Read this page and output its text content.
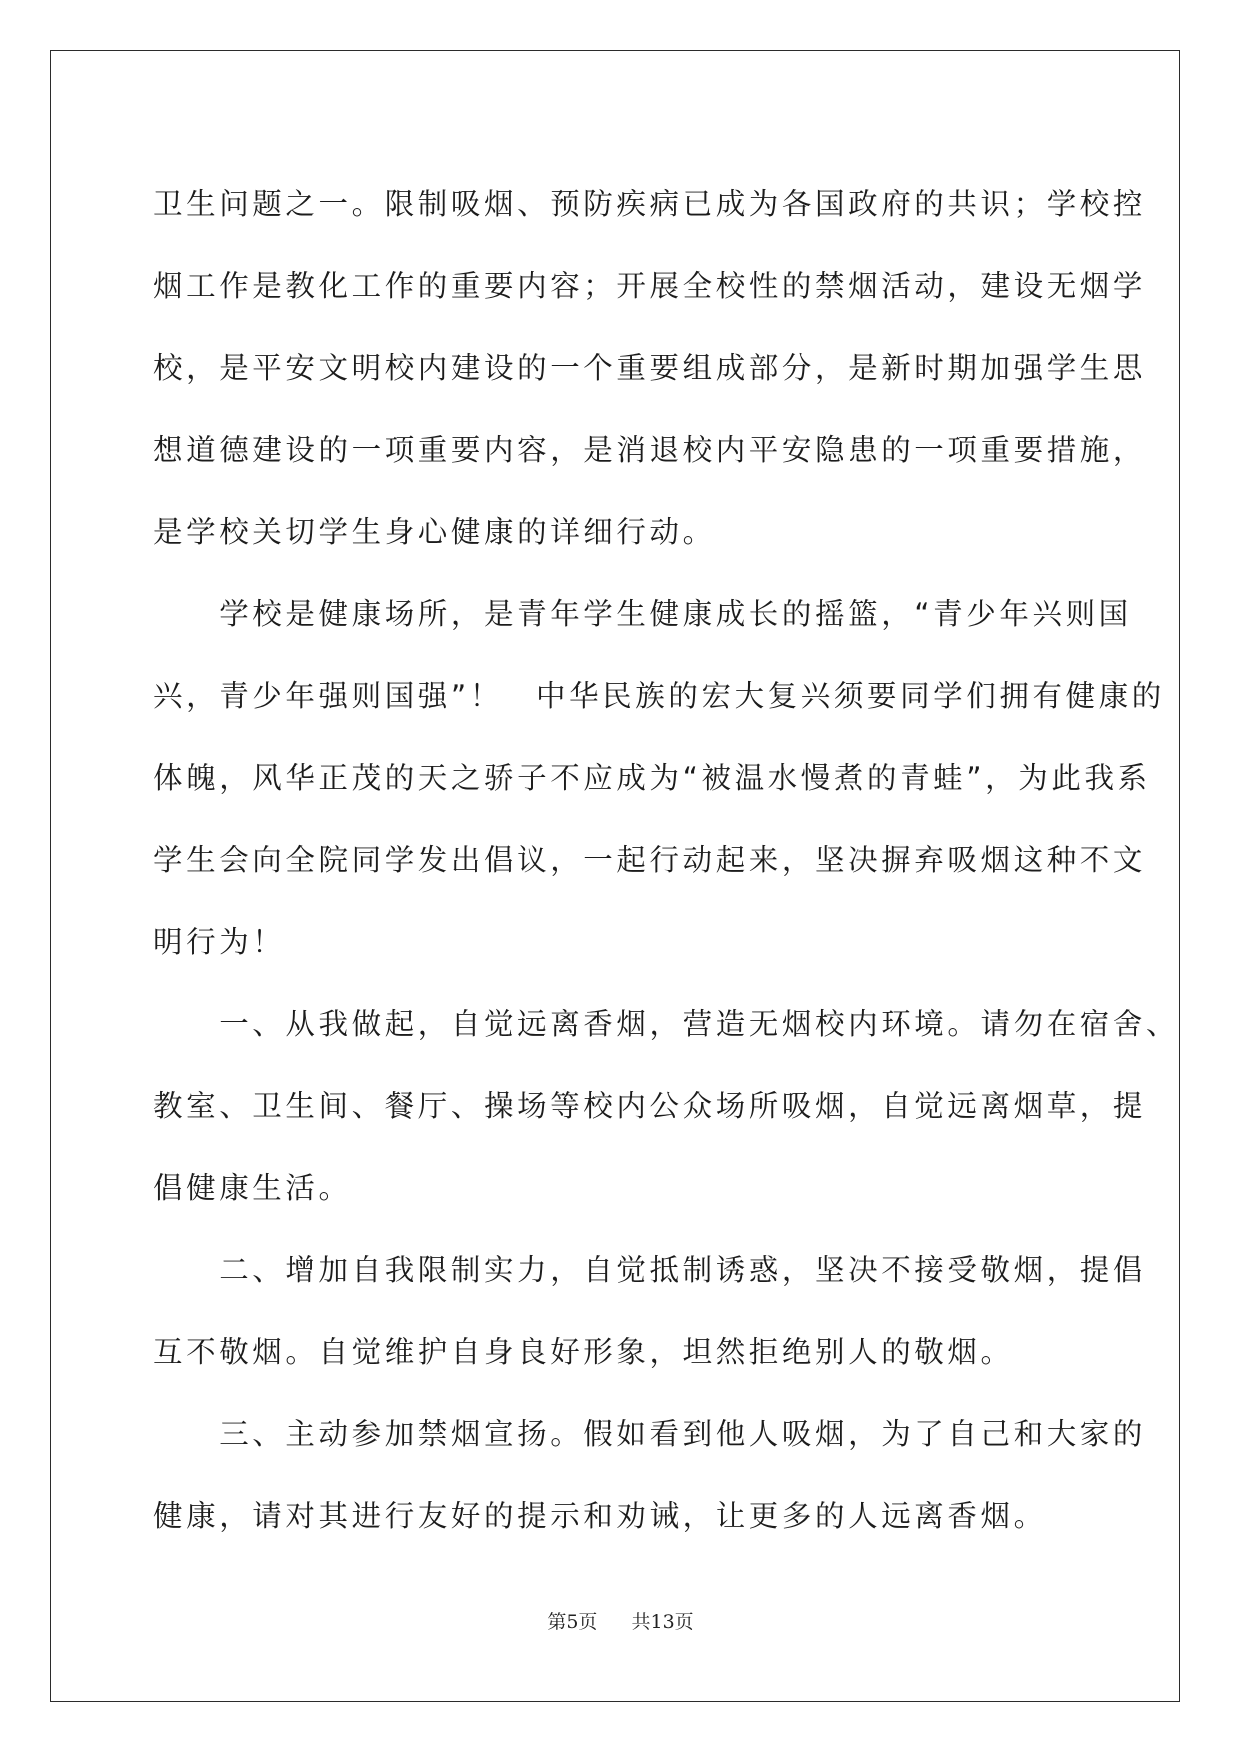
卫生问题之一。限制吸烟、预防疾病已成为各国政府的共识；学校控
烟工作是教化工作的重要内容；开展全校性的禁烟活动，建设无烟学
校，是平安文明校内建设的一个重要组成部分，是新时期加强学生思
想道德建设的一项重要内容，是消退校内平安隐患的一项重要措施，
是学校关切学生身心健康的详细行动。

　　学校是健康场所，是青年学生健康成长的摇篮，“青少年兴则国
兴，青少年强则国强”！　中华民族的宏大复兴须要同学们拥有健康的
体魄，风华正茂的天之骄子不应成为“被温水慢煮的青蛙”，为此我系
学生会向全院同学发出倡议，一起行动起来，坚决摒弃吸烟这种不文
明行为！

　　一、从我做起，自觉远离香烟，营造无烟校内环境。请勿在宿舍、
教室、卫生间、餐厅、操场等校内公众场所吸烟，自觉远离烟草，提
倡健康生活。

　　二、增加自我限制实力，自觉抵制诱惑，坚决不接受敬烟，提倡
互不敬烟。自觉维护自身良好形象，坦然拒绝别人的敬烟。

　　三、主动参加禁烟宣扬。假如看到他人吸烟，为了自己和大家的
健康，请对其进行友好的提示和劝诫，让更多的人远离香烟。

第5页 共13页
